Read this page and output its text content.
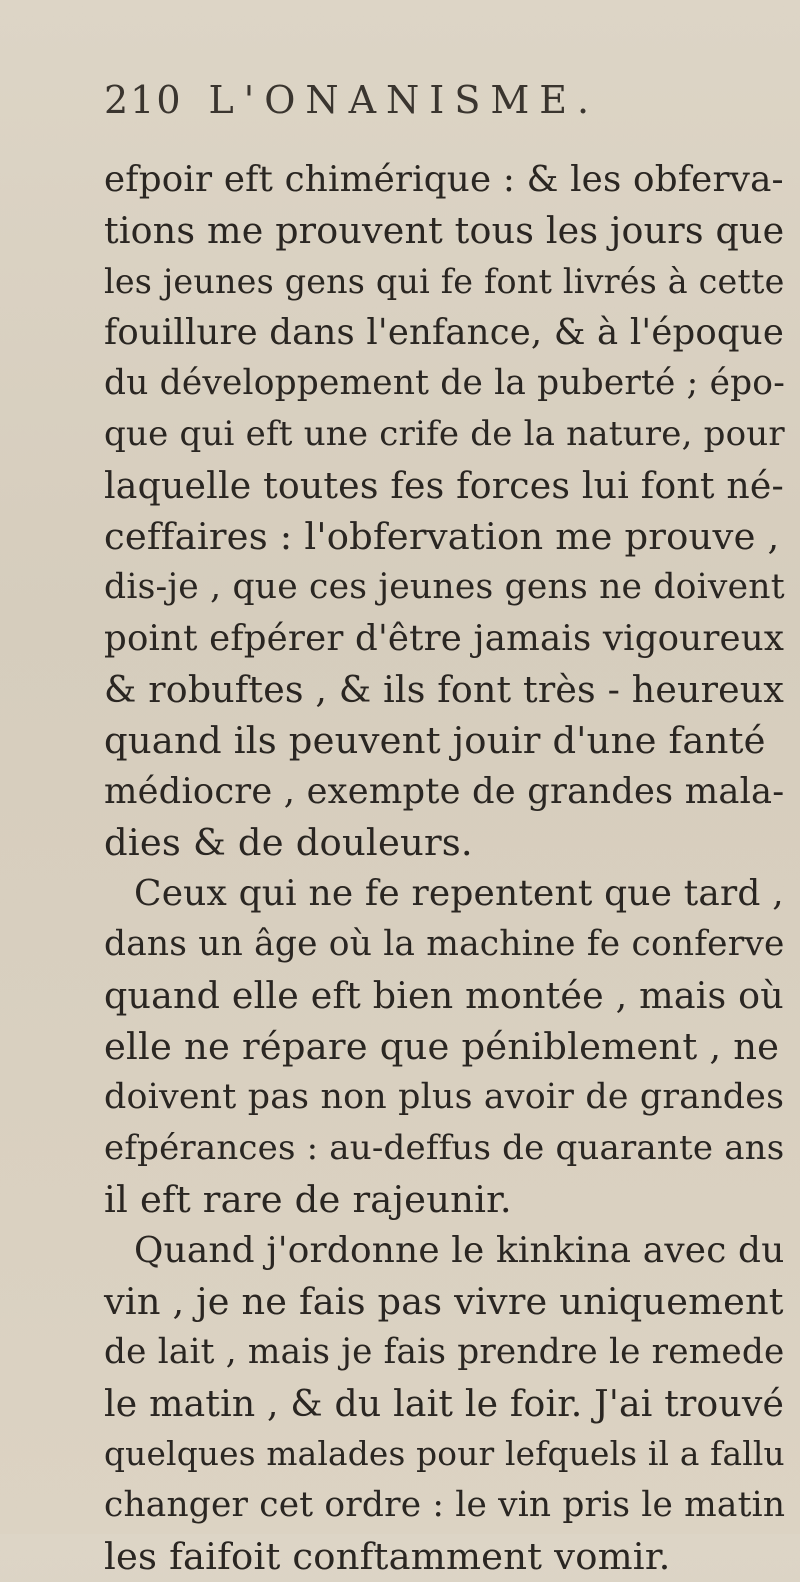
210 L'ONANISME.
efpoir eft chimérique : & les obferva-
tions me prouvent tous les jours que
les jeunes gens qui fe font livrés à cette
fouillure dans l'enfance, & à l'époque
du développement de la puberté ; épo-
que qui eft une crife de la nature, pour
laquelle toutes fes forces lui font né-
ceffaires : l'obfervation me prouve ,
dis-je , que ces jeunes gens ne doivent
point efpérer d'être jamais vigoureux
& robuftes , & ils font très - heureux
quand ils peuvent jouir d'une fanté
médiocre , exempte de grandes mala-
dies & de douleurs.
Ceux qui ne fe repentent que tard ,
dans un âge où la machine fe conferve
quand elle eft bien montée , mais où
elle ne répare que péniblement , ne
doivent pas non plus avoir de grandes
efpérances : au-deffus de quarante ans
il eft rare de rajeunir.
Quand j'ordonne le kinkina avec du
vin , je ne fais pas vivre uniquement
de lait , mais je fais prendre le remede
le matin , & du lait le foir. J'ai trouvé
quelques malades pour lefquels il a fallu
changer cet ordre : le vin pris le matin
les faifoit conftamment vomir.
